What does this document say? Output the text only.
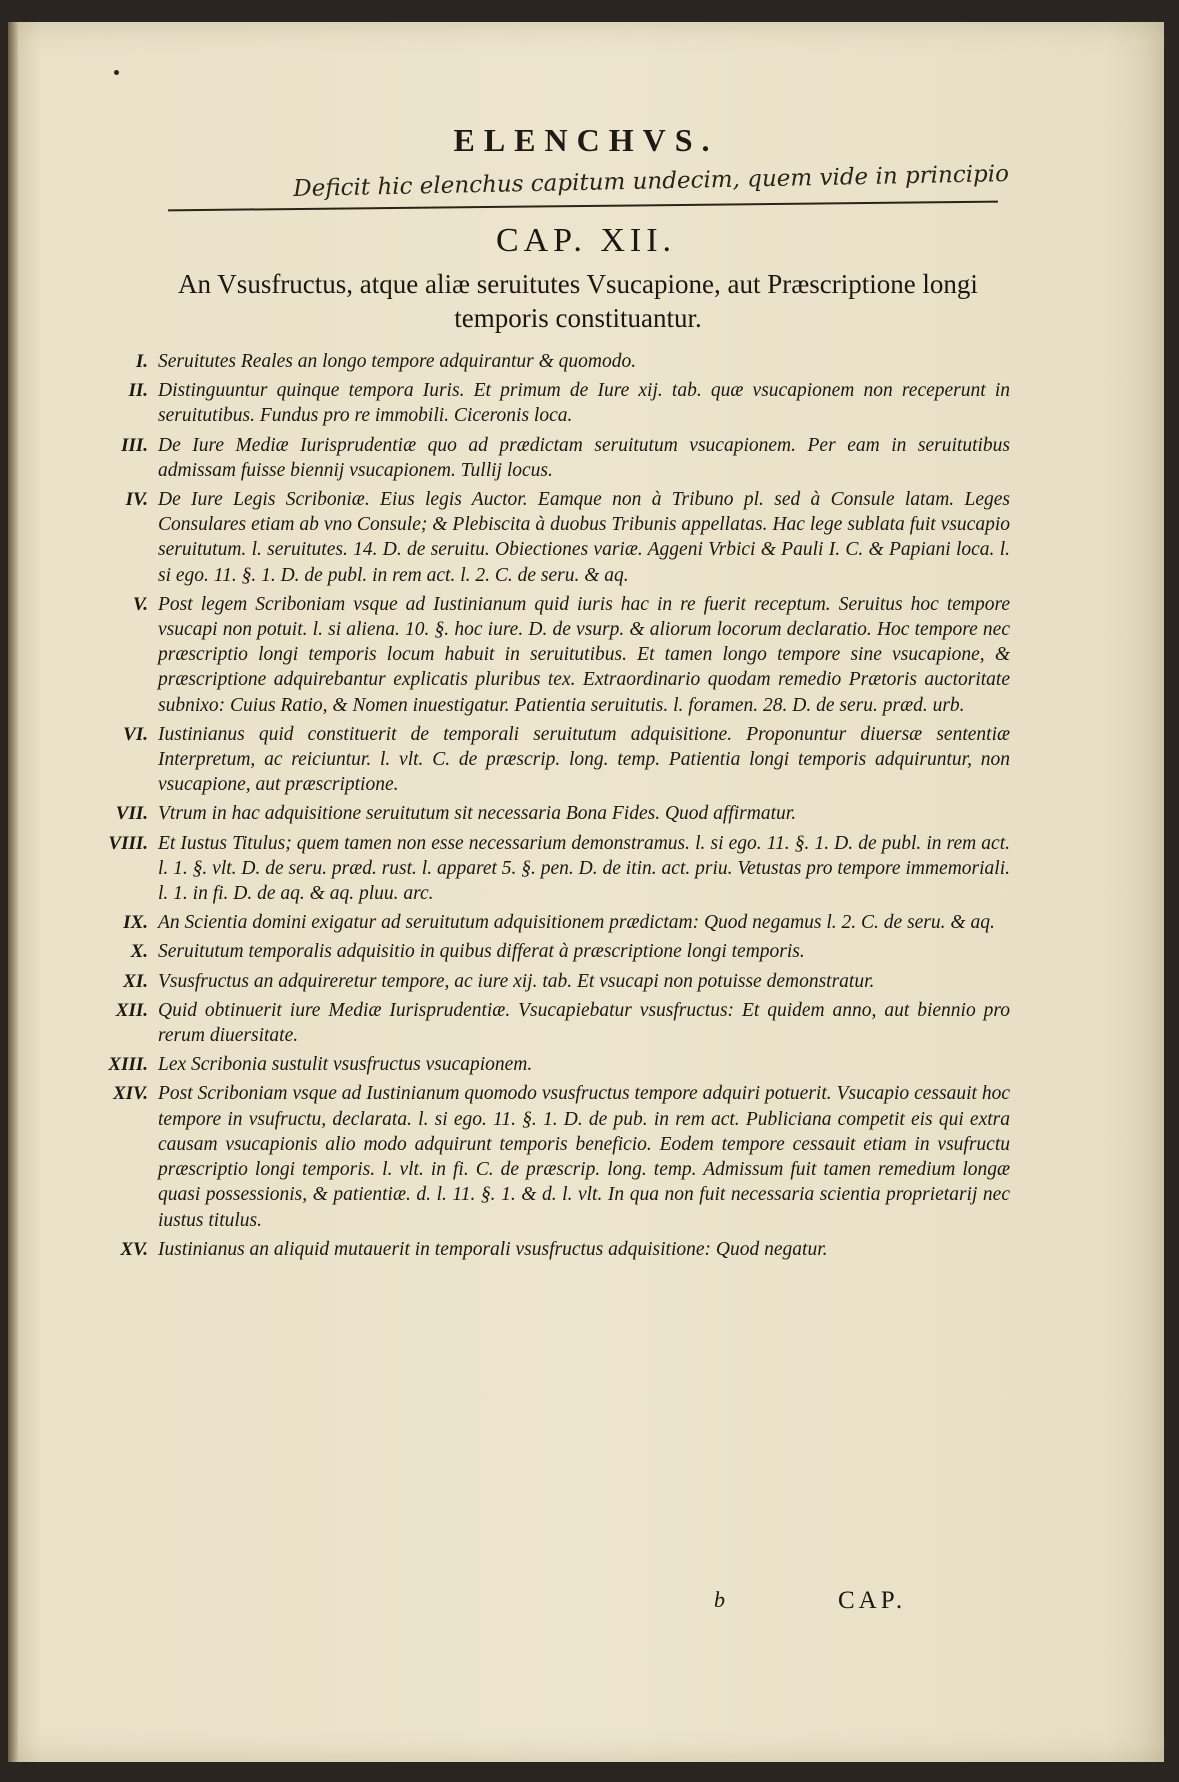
ELENCHVS.
Deficit hic elenchus capitum undecim, quem vide in principio
CAP. XII.
An Vsusfructus, atque aliæ seruitutes Vsucapione, aut Præscriptione longi temporis constituantur.
I. Seruitutes Reales an longo tempore adquirantur & quomodo.
II. Distinguuntur quinque tempora Iuris. Et primum de Iure xij. tab. quæ vsucapionem non receperunt in seruitutibus. Fundus pro re immobili. Ciceronis loca.
III. De Iure Mediæ Iurisprudentiæ quo ad prædictam seruitutum vsucapionem. Per eam in seruitutibus admissam fuisse biennij vsucapionem. Tullij locus.
IV. De Iure Legis Scriboniæ. Eius legis Auctor. Eamque non à Tribuno pl. sed à Consule latam. Leges Consulares etiam ab vno Consule; & Plebiscita à duobus Tribunis appellatas. Hac lege sublata fuit vsucapio seruitutum. l. seruitutes. 14. D. de seruitu. Obiectiones variæ. Aggeni Vrbici & Pauli I. C. & Papiani loca. l. si ego. 11. §. 1. D. de publ. in rem act. l. 2. C. de seru. & aq.
V. Post legem Scriboniam vsque ad Iustinianum quid iuris hac in re fuerit receptum. Seruitus hoc tempore vsucapi non potuit. l. si aliena. 10. §. hoc iure. D. de vsurp. & aliorum locorum declaratio. Hoc tempore nec præscriptio longi temporis locum habuit in seruitutibus. Et tamen longo tempore sine vsucapione, & præscriptione adquirebantur explicatis pluribus tex. Extraordinario quodam remedio Prætoris auctoritate subnixo: Cuius Ratio, & Nomen inuestigatur. Patientia seruitutis. l. foramen. 28. D. de seru. præd. urb.
VI. Iustinianus quid constituerit de temporali seruitutum adquisitione. Proponuntur diuersæ sententiæ Interpretum, ac reiciuntur. l. vlt. C. de præscrip. long. temp. Patientia longi temporis adquiruntur, non vsucapione, aut præscriptione.
VII. Vtrum in hac adquisitione seruitutum sit necessaria Bona Fides. Quod affirmatur.
VIII. Et Iustus Titulus; quem tamen non esse necessarium demonstramus. l. si ego. 11. §. 1. D. de publ. in rem act. l. 1. §. vlt. D. de seru. præd. rust. l. apparet 5. §. pen. D. de itin. act. priu. Vetustas pro tempore immemoriali. l. 1. in fi. D. de aq. & aq. pluu. arc.
IX. An Scientia domini exigatur ad seruitutum adquisitionem prædictam: Quod negamus l. 2. C. de seru. & aq.
X. Seruitutum temporalis adquisitio in quibus differat à præscriptione longi temporis.
XI. Vsusfructus an adquireretur tempore, ac iure xij. tab. Et vsucapi non potuisse demonstratur.
XII. Quid obtinuerit iure Mediæ Iurisprudentiæ. Vsucapiebatur vsusfructus: Et quidem anno, aut biennio pro rerum diuersitate.
XIII. Lex Scribonia sustulit vsusfructus vsucapionem.
XIV. Post Scriboniam vsque ad Iustinianum quomodo vsusfructus tempore adquiri potuerit. Vsucapio cessauit hoc tempore in vsufructu, declarata. l. si ego. 11. §. 1. D. de pub. in rem act. Publiciana competit eis qui extra causam vsucapionis alio modo adquirunt temporis beneficio. Eodem tempore cessauit etiam in vsufructu præscriptio longi temporis. l. vlt. in fi. C. de præscrip. long. temp. Admissum fuit tamen remedium longæ quasi possessionis, & patientiæ. d. l. 11. §. 1. & d. l. vlt. In qua non fuit necessaria scientia proprietarij nec iustus titulus.
XV. Iustinianus an aliquid mutauerit in temporali vsusfructus adquisitione: Quod negatur.
b	CAP.
